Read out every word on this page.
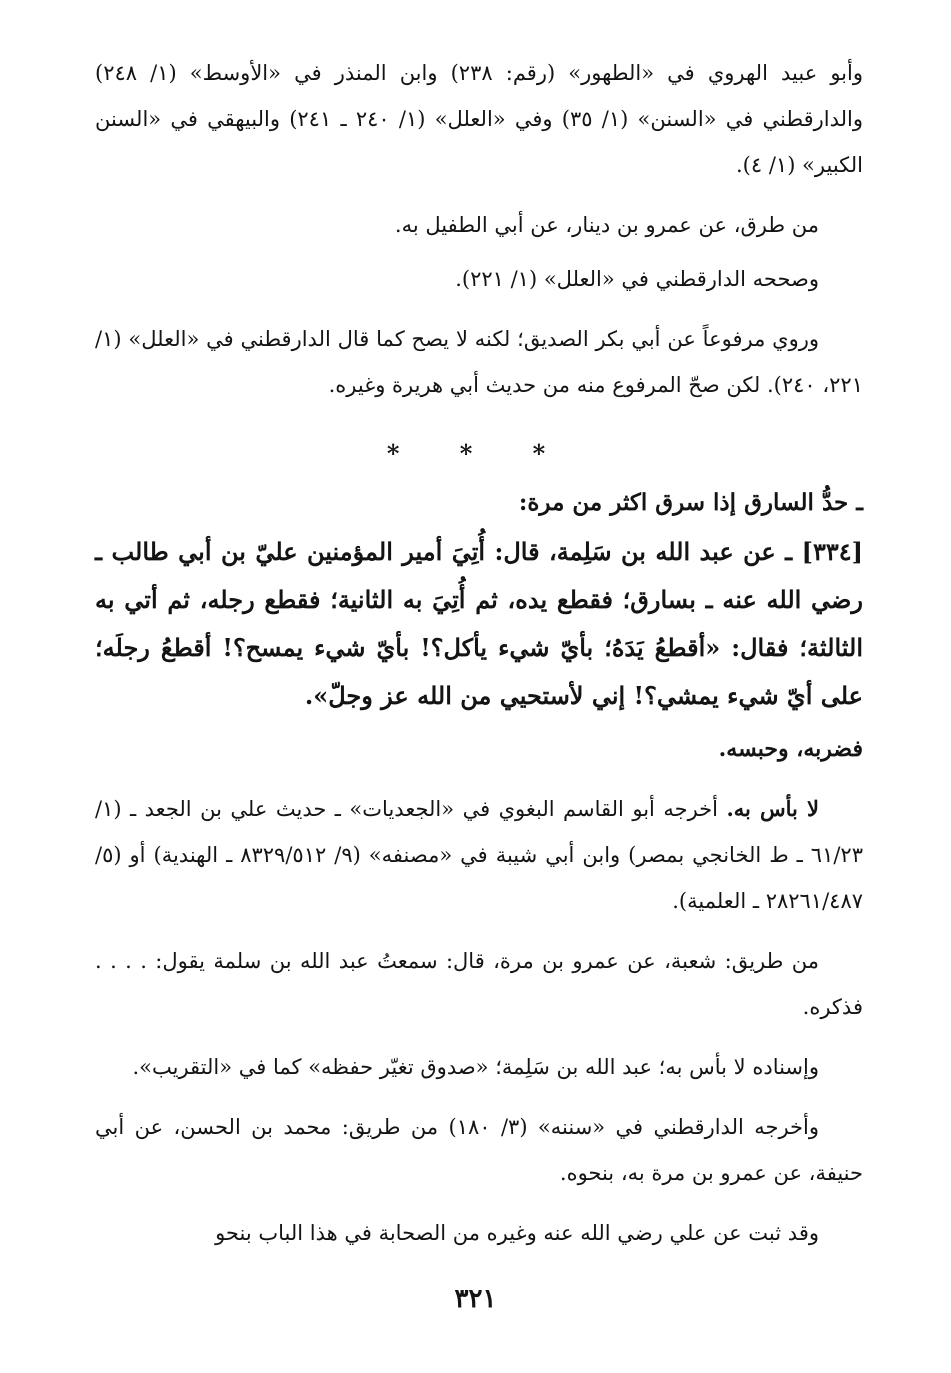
وأبو عبيد الهروي في «الطهور» (رقم: ٢٣٨) وابن المنذر في «الأوسط» (١/ ٢٤٨) والدارقطني في «السنن» (١/ ٣٥) وفي «العلل» (١/ ٢٤٠ ـ ٢٤١) والبيهقي في «السنن الكبير» (١/ ٤).

من طرق، عن عمرو بن دينار، عن أبي الطفيل به.

وصححه الدارقطني في «العلل» (١/ ٢٢١).

وروي مرفوعاً عن أبي بكر الصديق؛ لكنه لا يصح كما قال الدارقطني في «العلل» (١/ ٢٢١، ٢٤٠). لكن صحّ المرفوع منه من حديث أبي هريرة وغيره.

* * *

ـ حدُّ السارق إذا سرق اكثر من مرة:

[٣٣٤] ـ عن عبد الله بن سَلِمة، قال: أُتِيَ أمير المؤمنين عليّ بن أبي طالب ـ رضي الله عنه ـ بسارق؛ فقطع يده، ثم أُتِيَ به الثانية؛ فقطع رجله، ثم أتي به الثالثة؛ فقال: «أقطعُ يَدَهُ؛ بأيّ شيء يأكل؟! بأيّ شيء يمسح؟! أقطعُ رجلَه؛ على أيّ شيء يمشي؟! إني لأستحيي من الله عز وجلّ».

فضربه، وحبسه.

لا بأس به. أخرجه أبو القاسم البغوي في «الجعديات» ـ حديث علي بن الجعد ـ (١/ ٦١/٢٣ ـ ط الخانجي بمصر) وابن أبي شيبة في «مصنفه» (٩/ ٨٣٢٩/٥١٢ ـ الهندية) أو (٥/ ٢٨٢٦١/٤٨٧ ـ العلمية).

من طريق: شعبة، عن عمرو بن مرة، قال: سمعتُ عبد الله بن سلمة يقول: . . . . فذكره.

وإسناده لا بأس به؛ عبد الله بن سَلِمة؛ «صدوق تغيّر حفظه» كما في «التقريب».

وأخرجه الدارقطني في «سننه» (٣/ ١٨٠) من طريق: محمد بن الحسن، عن أبي حنيفة، عن عمرو بن مرة به، بنحوه.

وقد ثبت عن علي رضي الله عنه وغيره من الصحابة في هذا الباب بنحو

٣٢١
